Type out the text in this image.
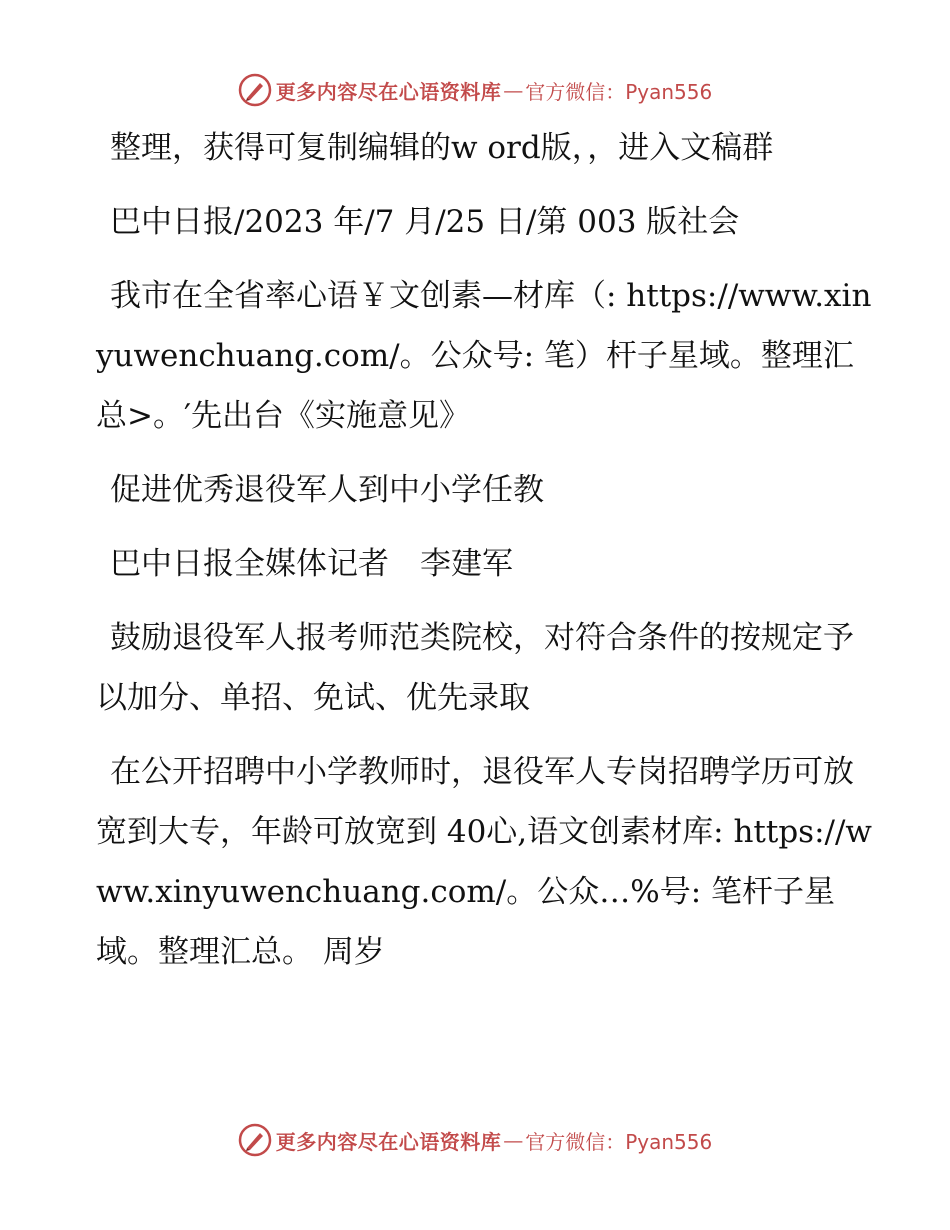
更多内容尽在心语资料库 — 官方微信：Pyan556

整理，获得可复制编辑的w ord版，，进入文稿群

巴中日报/2023 年/7 月/25 日/第 003 版社会

我市在全省率心语￥文创素—材库（: https://www.xinyuwenchuang.com/。公众号: 笔）杆子星域。整理汇总>。′先出台《实施意见》

促进优秀退役军人到中小学任教

巴中日报全媒体记者　李建军

鼓励退役军人报考师范类院校，对符合条件的按规定予以加分、单招、免试、优先录取

在公开招聘中小学教师时，退役军人专岗招聘学历可放宽到大专，年龄可放宽到 40心,语文创素材库: https://www.xinyuwenchuang.com/。公众…%号: 笔杆子星域。整理汇总。 周岁

更多内容尽在心语资料库 — 官方微信：Pyan556
